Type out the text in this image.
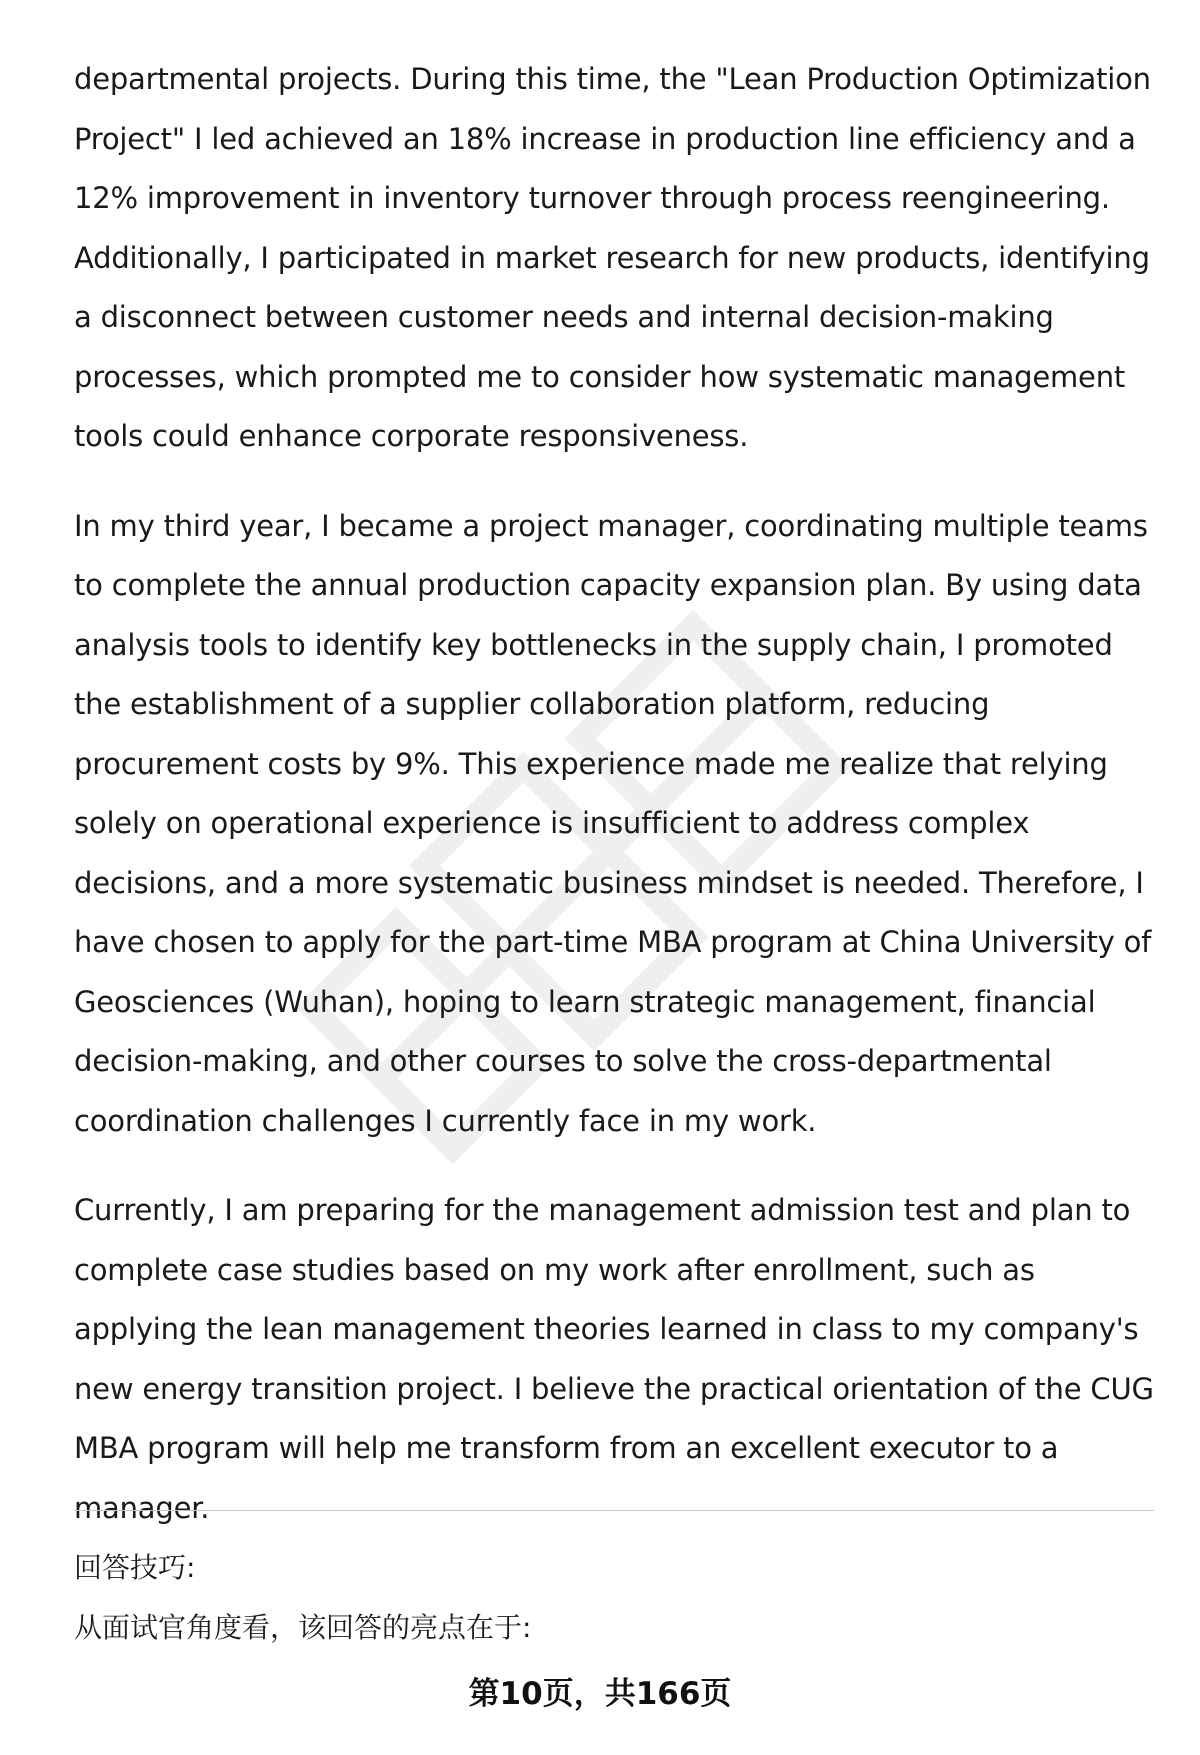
departmental projects. During this time, the "Lean Production Optimization Project" I led achieved an 18% increase in production line efficiency and a 12% improvement in inventory turnover through process reengineering. Additionally, I participated in market research for new products, identifying a disconnect between customer needs and internal decision-making processes, which prompted me to consider how systematic management tools could enhance corporate responsiveness.

In my third year, I became a project manager, coordinating multiple teams to complete the annual production capacity expansion plan. By using data analysis tools to identify key bottlenecks in the supply chain, I promoted the establishment of a supplier collaboration platform, reducing procurement costs by 9%. This experience made me realize that relying solely on operational experience is insufficient to address complex decisions, and a more systematic business mindset is needed. Therefore, I have chosen to apply for the part-time MBA program at China University of Geosciences (Wuhan), hoping to learn strategic management, financial decision-making, and other courses to solve the cross-departmental coordination challenges I currently face in my work.

Currently, I am preparing for the management admission test and plan to complete case studies based on my work after enrollment, such as applying the lean management theories learned in class to my company's new energy transition project. I believe the practical orientation of the CUG MBA program will help me transform from an excellent executor to a manager.

回答技巧:
从面试官角度看，该回答的亮点在于:
第10页，共166页
